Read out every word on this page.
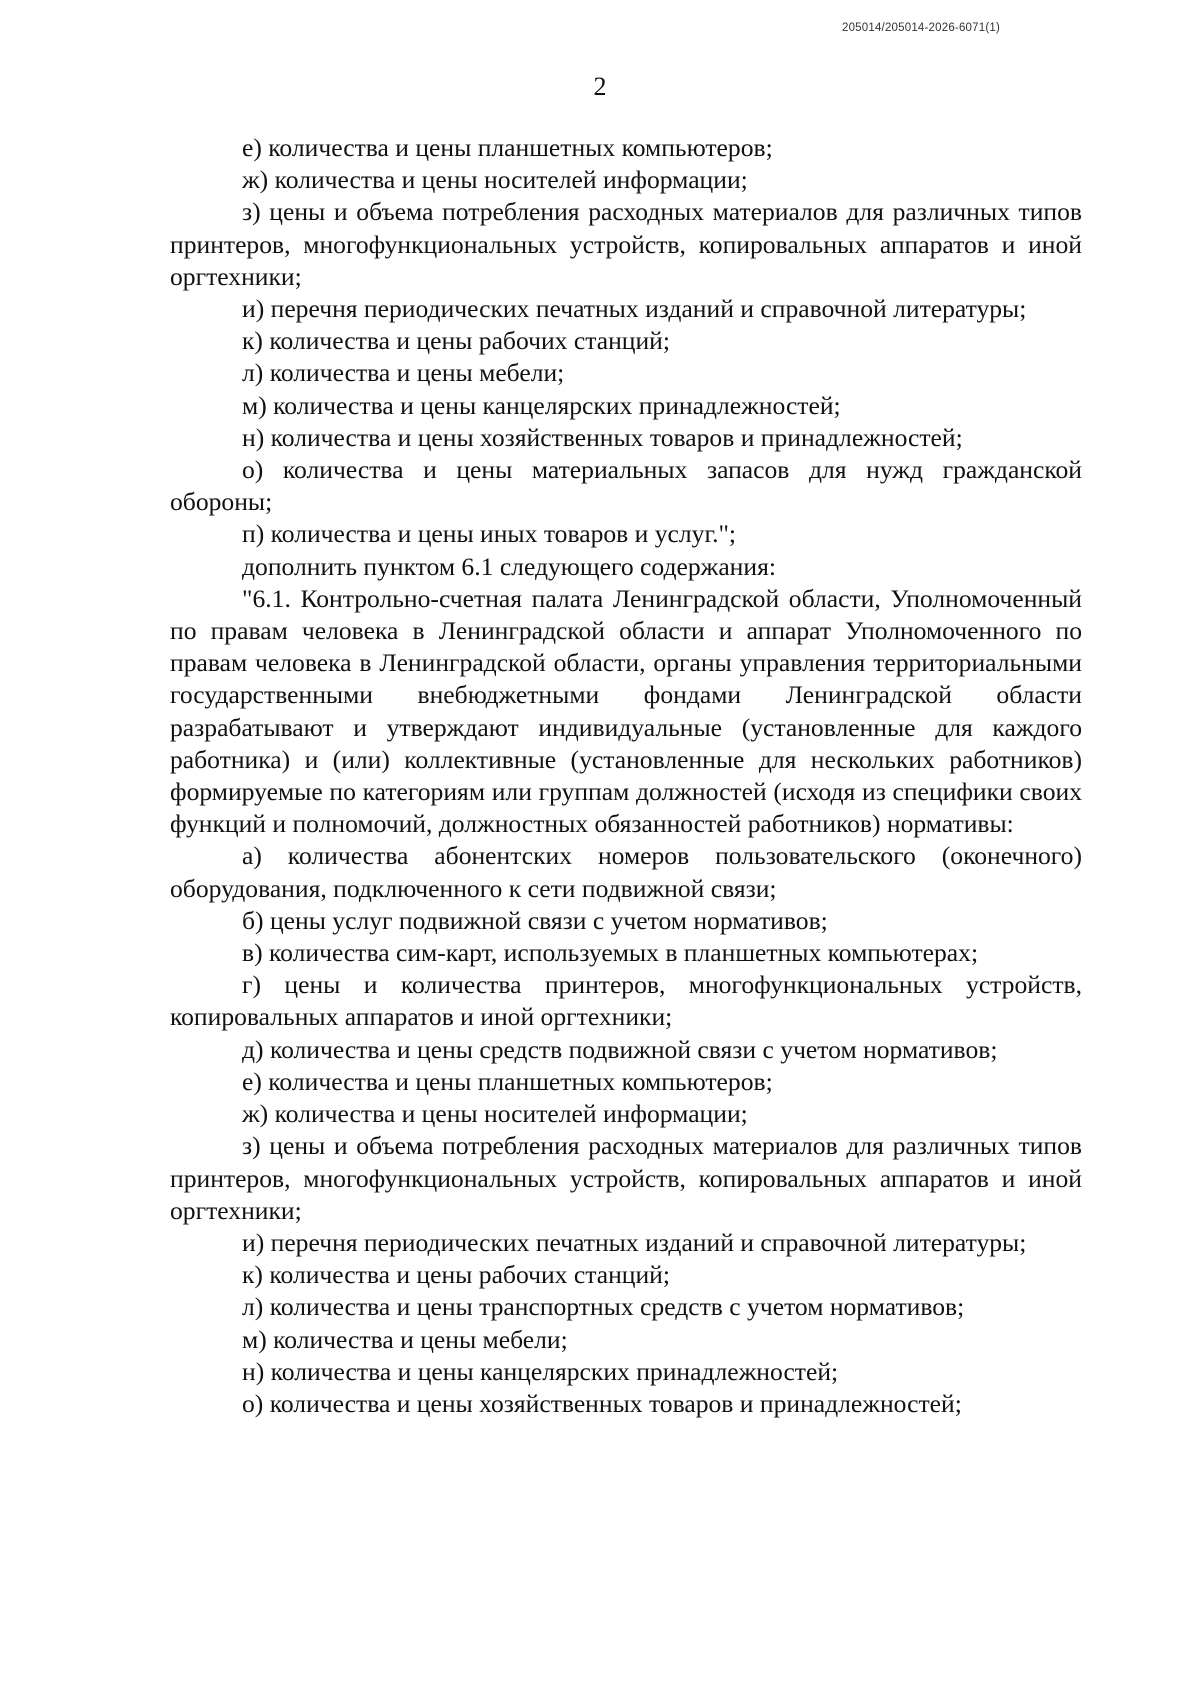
205014/205014-2026-6071(1)
2

е) количества и цены планшетных компьютеров;

ж) количества и цены носителей информации;

з) цены и объема потребления расходных материалов для различных типов принтеров, многофункциональных устройств, копировальных аппаратов и иной оргтехники;

и) перечня периодических печатных изданий и справочной литературы;

к) количества и цены рабочих станций;

л) количества и цены мебели;

м) количества и цены канцелярских принадлежностей;

н) количества и цены хозяйственных товаров и принадлежностей;

о) количества и цены материальных запасов для нужд гражданской обороны;

п) количества и цены иных товаров и услуг.";

дополнить пунктом 6.1 следующего содержания:

"6.1. Контрольно-счетная палата Ленинградской области, Уполномоченный по правам человека в Ленинградской области и аппарат Уполномоченного по правам человека в Ленинградской области, органы управления территориальными государственными внебюджетными фондами Ленинградской области разрабатывают и утверждают индивидуальные (установленные для каждого работника) и (или) коллективные (установленные для нескольких работников) формируемые по категориям или группам должностей (исходя из специфики своих функций и полномочий, должностных обязанностей работников) нормативы:

а) количества абонентских номеров пользовательского (оконечного) оборудования, подключенного к сети подвижной связи;

б) цены услуг подвижной связи с учетом нормативов;

в) количества сим-карт, используемых в планшетных компьютерах;

г) цены и количества принтеров, многофункциональных устройств, копировальных аппаратов и иной оргтехники;

д) количества и цены средств подвижной связи с учетом нормативов;

е) количества и цены планшетных компьютеров;

ж) количества и цены носителей информации;

з) цены и объема потребления расходных материалов для различных типов принтеров, многофункциональных устройств, копировальных аппаратов и иной оргтехники;

и) перечня периодических печатных изданий и справочной литературы;

к) количества и цены рабочих станций;

л) количества и цены транспортных средств с учетом нормативов;

м) количества и цены мебели;

н) количества и цены канцелярских принадлежностей;

о) количества и цены хозяйственных товаров и принадлежностей;
